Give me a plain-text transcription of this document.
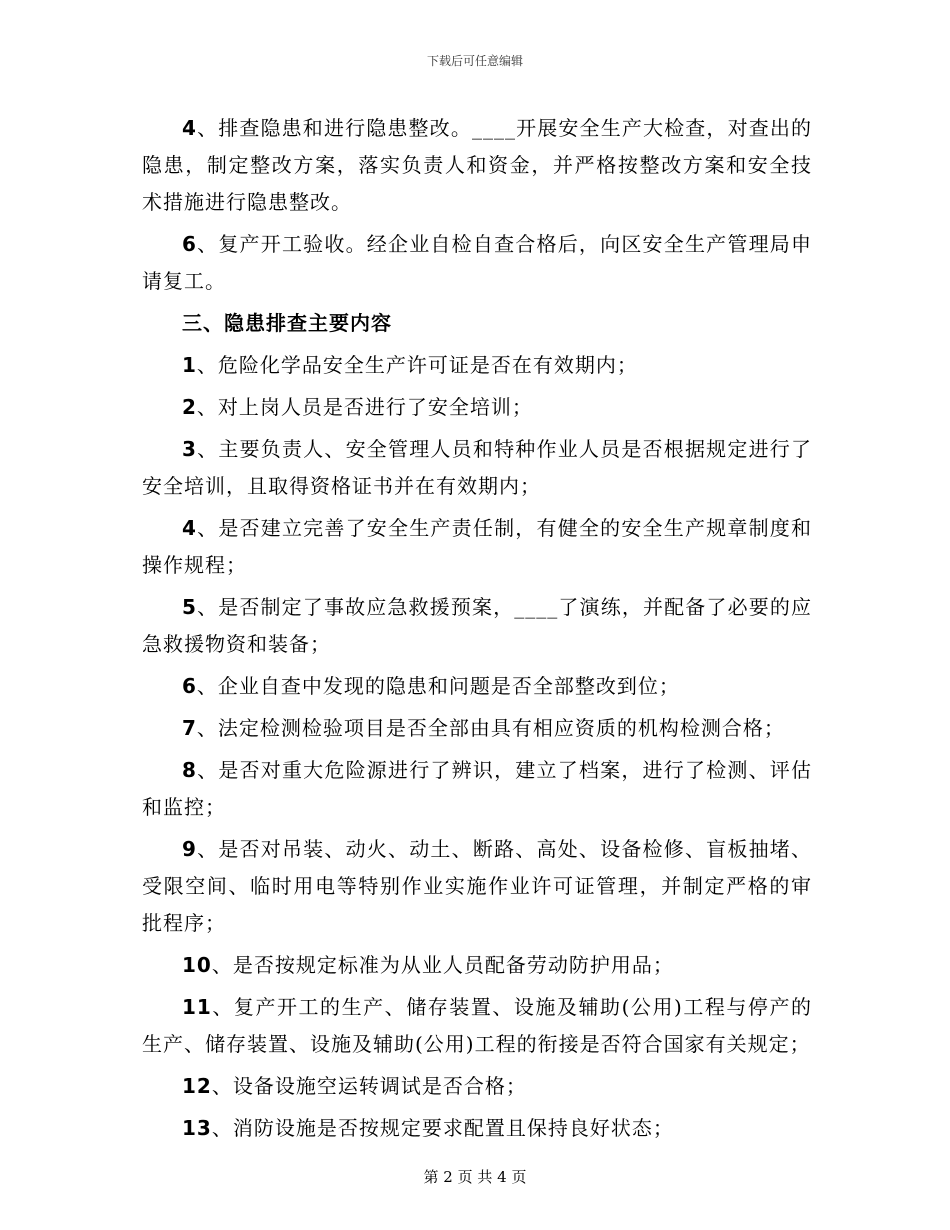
下载后可任意编辑

4、排查隐患和进行隐患整改。____开展安全生产大检查，对查出的隐患，制定整改方案，落实负责人和资金，并严格按整改方案和安全技术措施进行隐患整改。

6、复产开工验收。经企业自检自查合格后，向区安全生产管理局申请复工。

三、隐患排查主要内容

1、危险化学品安全生产许可证是否在有效期内；

2、对上岗人员是否进行了安全培训；

3、主要负责人、安全管理人员和特种作业人员是否根据规定进行了安全培训，且取得资格证书并在有效期内；

4、是否建立完善了安全生产责任制，有健全的安全生产规章制度和操作规程；

5、是否制定了事故应急救援预案，____了演练，并配备了必要的应急救援物资和装备；

6、企业自查中发现的隐患和问题是否全部整改到位；

7、法定检测检验项目是否全部由具有相应资质的机构检测合格；

8、是否对重大危险源进行了辨识，建立了档案，进行了检测、评估和监控；

9、是否对吊装、动火、动土、断路、高处、设备检修、盲板抽堵、受限空间、临时用电等特别作业实施作业许可证管理，并制定严格的审批程序；

10、是否按规定标准为从业人员配备劳动防护用品；

11、复产开工的生产、储存装置、设施及辅助(公用)工程与停产的生产、储存装置、设施及辅助(公用)工程的衔接是否符合国家有关规定；

12、设备设施空运转调试是否合格；

13、消防设施是否按规定要求配置且保持良好状态；

第 2 页 共 4 页
